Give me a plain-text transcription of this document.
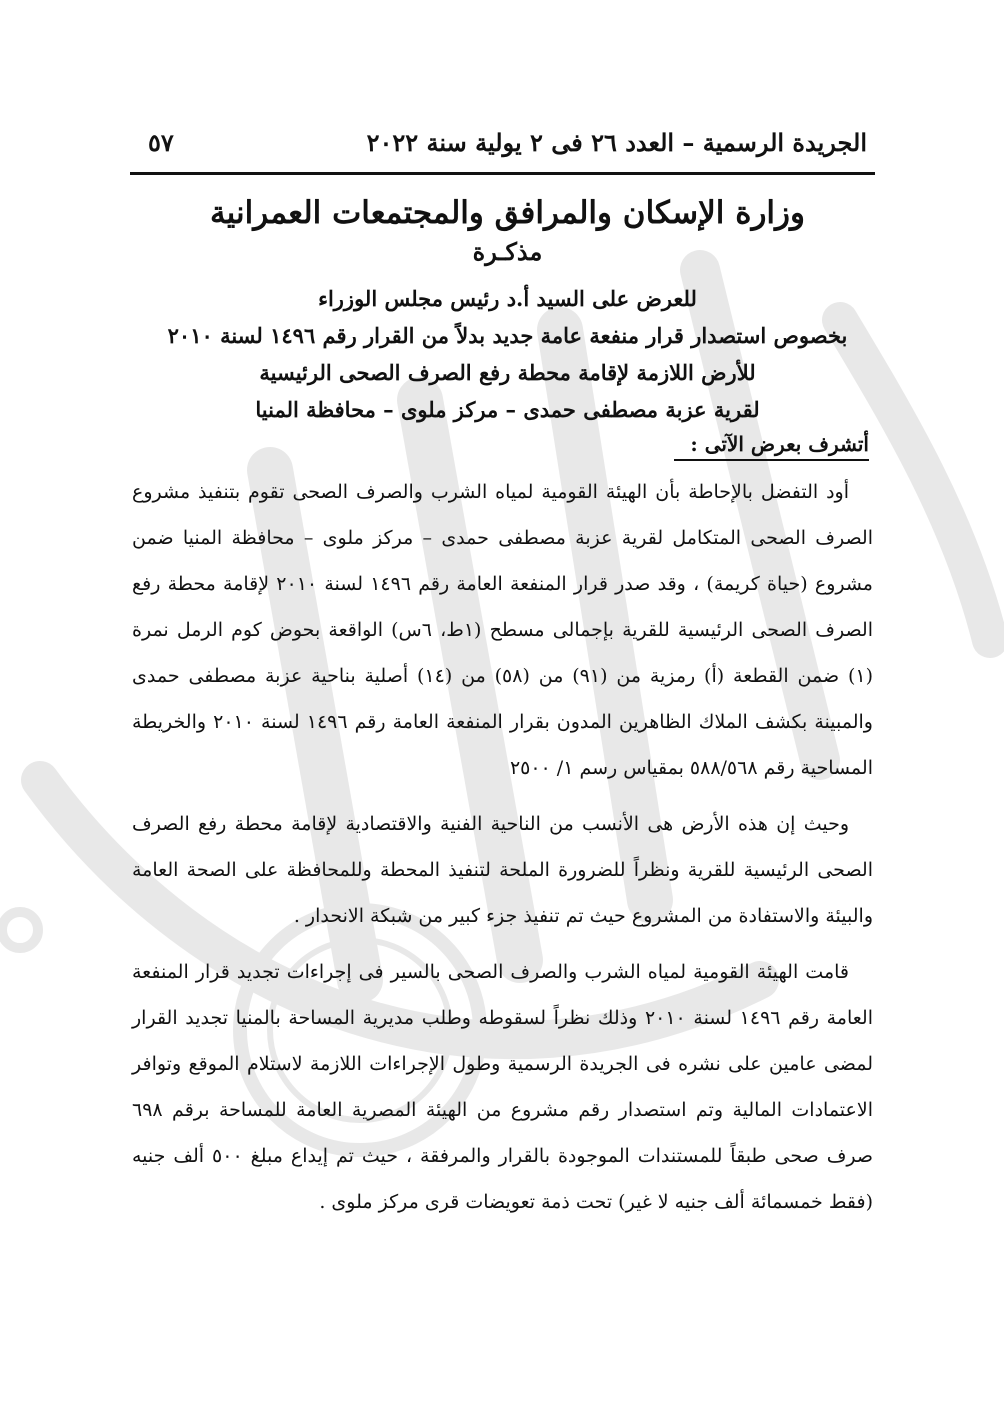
الجريدة الرسمية – العدد ٢٦ فى ٢ يولية سنة ٢٠٢٢
٥٧
وزارة الإسكان والمرافق والمجتمعات العمرانية
مذكـرة
للعرض على السيد أ.د رئيس مجلس الوزراء
بخصوص استصدار قرار منفعة عامة جديد بدلاً من القرار رقم ١٤٩٦ لسنة ٢٠١٠
للأرض اللازمة لإقامة محطة رفع الصرف الصحى الرئيسية
لقرية عزبة مصطفى حمدى – مركز ملوى – محافظة المنيا
أتشرف بعرض الآتى :

أود التفضل بالإحاطة بأن الهيئة القومية لمياه الشرب والصرف الصحى تقوم بتنفيذ مشروع الصرف الصحى المتكامل لقرية عزبة مصطفى حمدى – مركز ملوى – محافظة المنيا ضمن مشروع (حياة كريمة) ، وقد صدر قرار المنفعة العامة رقم ١٤٩٦ لسنة ٢٠١٠ لإقامة محطة رفع الصرف الصحى الرئيسية للقرية بإجمالى مسطح (١ط، ٦س) الواقعة بحوض كوم الرمل نمرة (١) ضمن القطعة (أ) رمزية من (٩١) من (٥٨) من (١٤) أصلية بناحية عزبة مصطفى حمدى والمبينة بكشف الملاك الظاهرين المدون بقرار المنفعة العامة رقم ١٤٩٦ لسنة ٢٠١٠ والخريطة المساحية رقم ٥٨٨/٥٦٨ بمقياس رسم ١/ ٢٥٠٠

وحيث إن هذه الأرض هى الأنسب من الناحية الفنية والاقتصادية لإقامة محطة رفع الصرف الصحى الرئيسية للقرية ونظراً للضرورة الملحة لتنفيذ المحطة وللمحافظة على الصحة العامة والبيئة والاستفادة من المشروع حيث تم تنفيذ جزء كبير من شبكة الانحدار .

قامت الهيئة القومية لمياه الشرب والصرف الصحى بالسير فى إجراءات تجديد قرار المنفعة العامة رقم ١٤٩٦ لسنة ٢٠١٠ وذلك نظراً لسقوطه وطلب مديرية المساحة بالمنيا تجديد القرار لمضى عامين على نشره فى الجريدة الرسمية وطول الإجراءات اللازمة لاستلام الموقع وتوافر الاعتمادات المالية وتم استصدار رقم مشروع من الهيئة المصرية العامة للمساحة برقم ٦٩٨ صرف صحى طبقاً للمستندات الموجودة بالقرار والمرفقة ، حيث تم إيداع مبلغ ٥٠٠ ألف جنيه (فقط خمسمائة ألف جنيه لا غير) تحت ذمة تعويضات قرى مركز ملوى .
